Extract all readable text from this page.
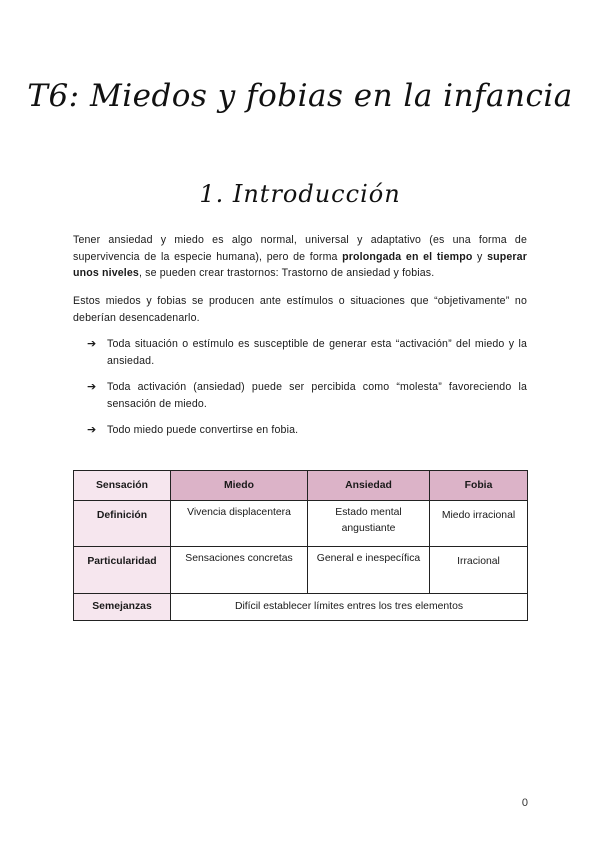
T6: Miedos y fobias en la infancia
1. Introducción
Tener ansiedad y miedo es algo normal, universal y adaptativo (es una forma de supervivencia de la especie humana), pero de forma prolongada en el tiempo y superar unos niveles, se pueden crear trastornos: Trastorno de ansiedad y fobias.
Estos miedos y fobias se producen ante estímulos o situaciones que “objetivamente” no deberían desencadenarlo.
➔ Toda situación o estímulo es susceptible de generar esta “activación” del miedo y la ansiedad.
➔ Toda activación (ansiedad) puede ser percibida como “molesta” favoreciendo la sensación de miedo.
➔ Todo miedo puede convertirse en fobia.
Sensación	Miedo	Ansiedad	Fobia
Definición	Vivencia displacentera	Estado mental angustiante	Miedo irracional
Particularidad	Sensaciones concretas	General e inespecífica	Irracional
Semejanzas	Difícil establecer límites entres los tres elementos		
0
